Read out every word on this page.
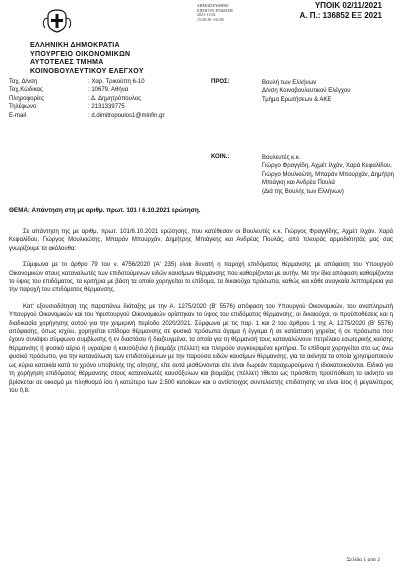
ΔΗΜΟΣΙΕΥΘΗΚΕ
ΕΠΕΙΓΟΝ-ΕΝΔΕΙΞΗ
2021-11-02
15:50:28 +02:00
ΥΠΟΙΚ 02/11/2021
Α. Π.: 136852 ΕΞ 2021
ΕΛΛΗΝΙΚΗ ΔΗΜΟΚΡΑΤΙΑ
ΥΠΟΥΡΓΕΙΟ ΟΙΚΟΝΟΜΙΚΩΝ
ΑΥΤΟΤΕΛΕΣ ΤΜΗΜΑ
ΚΟΙΝΟΒΟΥΛΕΥΤΙΚΟΥ ΕΛΕΓΧΟΥ
Ταχ. Δ/νση	: Χαρ. Τρικούπη 6-10
Ταχ.Κώδικας	: 10679, Αθήνα
Πληροφορίες	: Δ. Δημητρόπουλος
Τηλέφωνο	: 2131339775
E-mail	: d.dimitropoulos1@minfin.gr
ΠΡΟΣ:	Βουλή των Ελλήνων
Δ/νση Κοινοβουλευτικού Ελέγχου
Τμήμα Ερωτήσεων & ΑΚΕ
ΚΟΙΝ.:	Βουλευτές κ.κ.
Γιώργο Φραγγίδη, Αχμέτ Ιλχάν, Χαρά Κεφαλίδου,
Γιώργο Μουλκιώτη, Μπαράν Μπουρχάν, Δημήτρη
Μπιάγκη και Ανδρέα Πουλά
(Διά της Βουλής των Ελλήνων)
ΘΕΜΑ: Απάντηση στη με αριθμ. πρωτ. 101 / 6.10.2021 ερώτηση.

Σε απάντηση της με αριθμ. πρωτ. 101/6.10.2021 ερώτησης, που κατέθεσαν οι Βουλευτές κ.κ. Γιώργος Φραγγίδης, Αχμέτ Ιλχάν, Χαρά Κεφαλίδου, Γιώργος Μουλκιώτης, Μπαράν Μπουρχάν, Δημήτρης Μπιάγκης και Ανδρέας Πουλάς, από πλευράς αρμοδιότητάς μας σας γνωρίζουμε τα ακόλουθα:

Σύμφωνα με το άρθρο 79 του ν. 4756/2020 (Α' 235) είναι δυνατή η παροχή επιδόματος θέρμανσης με απόφαση του Υπουργού Οικονομικών στους καταναλωτές των επιδοτούμενων ειδών καυσίμων θέρμανσης που καθορίζονται με αυτήν. Με την ίδια απόφαση καθορίζονται το ύψος του επιδόματος, τα κριτήρια με βάση τα οποία χορηγείται το επίδομα, τα δικαιούχα πρόσωπα, καθώς και κάθε αναγκαία λεπτομέρεια για την παροχή του επιδόματος θέρμανσης.

Κατ' εξουσιοδότηση της παραπάνω διάταξης με την Α. 1275/2020 (Β' 5576) απόφαση του Υπουργού Οικονομικών, του αναπληρωτή Υπουργού Οικονομικών και του Υφυπουργού Οικονομικών ορίστηκαν το ύψος του επιδόματος θέρμανσης, οι δικαιούχοι, οι προϋποθέσεις και η διαδικασία χορήγησης αυτού για την χειμερινή περίοδο 2020/2021. Σύμφωνα με τις παρ. 1 και 2 του άρθρου 1 της Α. 1275/2020 (Β' 5576) απόφασης, όπως ισχύει, χορηγείται επίδομα θέρμανσης σε φυσικά πρόσωπα άγαμα ή έγγαμα ή σε κατάσταση χηρείας ή σε πρόσωπα που έχουν συνάψει σύμφωνο συμβίωσης ή εν διαστάσει ή διαζευγμένα, τα οποία για τη θέρμανσή τους καταναλώνουν πετρέλαιο εσωτερικής καύσης θέρμανσης ή φυσικό αέριο ή υγραέριο ή καυσόξυλα ή βιομάζα (πέλλετ) και πληρούν συγκεκριμένα κριτήρια. Το επίδομα χορηγείται στο ως άνω φυσικό πρόσωπο, για την κατανάλωση των επιδοτούμενων με την παρούσα ειδών καυσίμων θέρμανσης, για τα ακίνητα τα οποία χρησιμοποιούν ως κύρια κατοικία κατά το χρόνο υποβολής της αίτησης, είτε αυτά μισθώνονται είτε είναι δωρεάν παραχωρούμενα ή ιδιοκατοικούνται. Ειδικά για τη χορήγηση επιδόματος θέρμανσης στους καταναλωτές καυσόξυλων και βιομάζας (πέλλετ) τίθεται ως πρόσθετη προϋπόθεση το ακίνητο να βρίσκεται σε οικισμό με πληθυσμό ίσο ή κατώτερο των 2.500 κατοίκων και ο αντίστοιχος συντελεστής επιδότησης να είναι ίσος ή μεγαλύτερος του 0,8.

Σελίδα 1 από 2
